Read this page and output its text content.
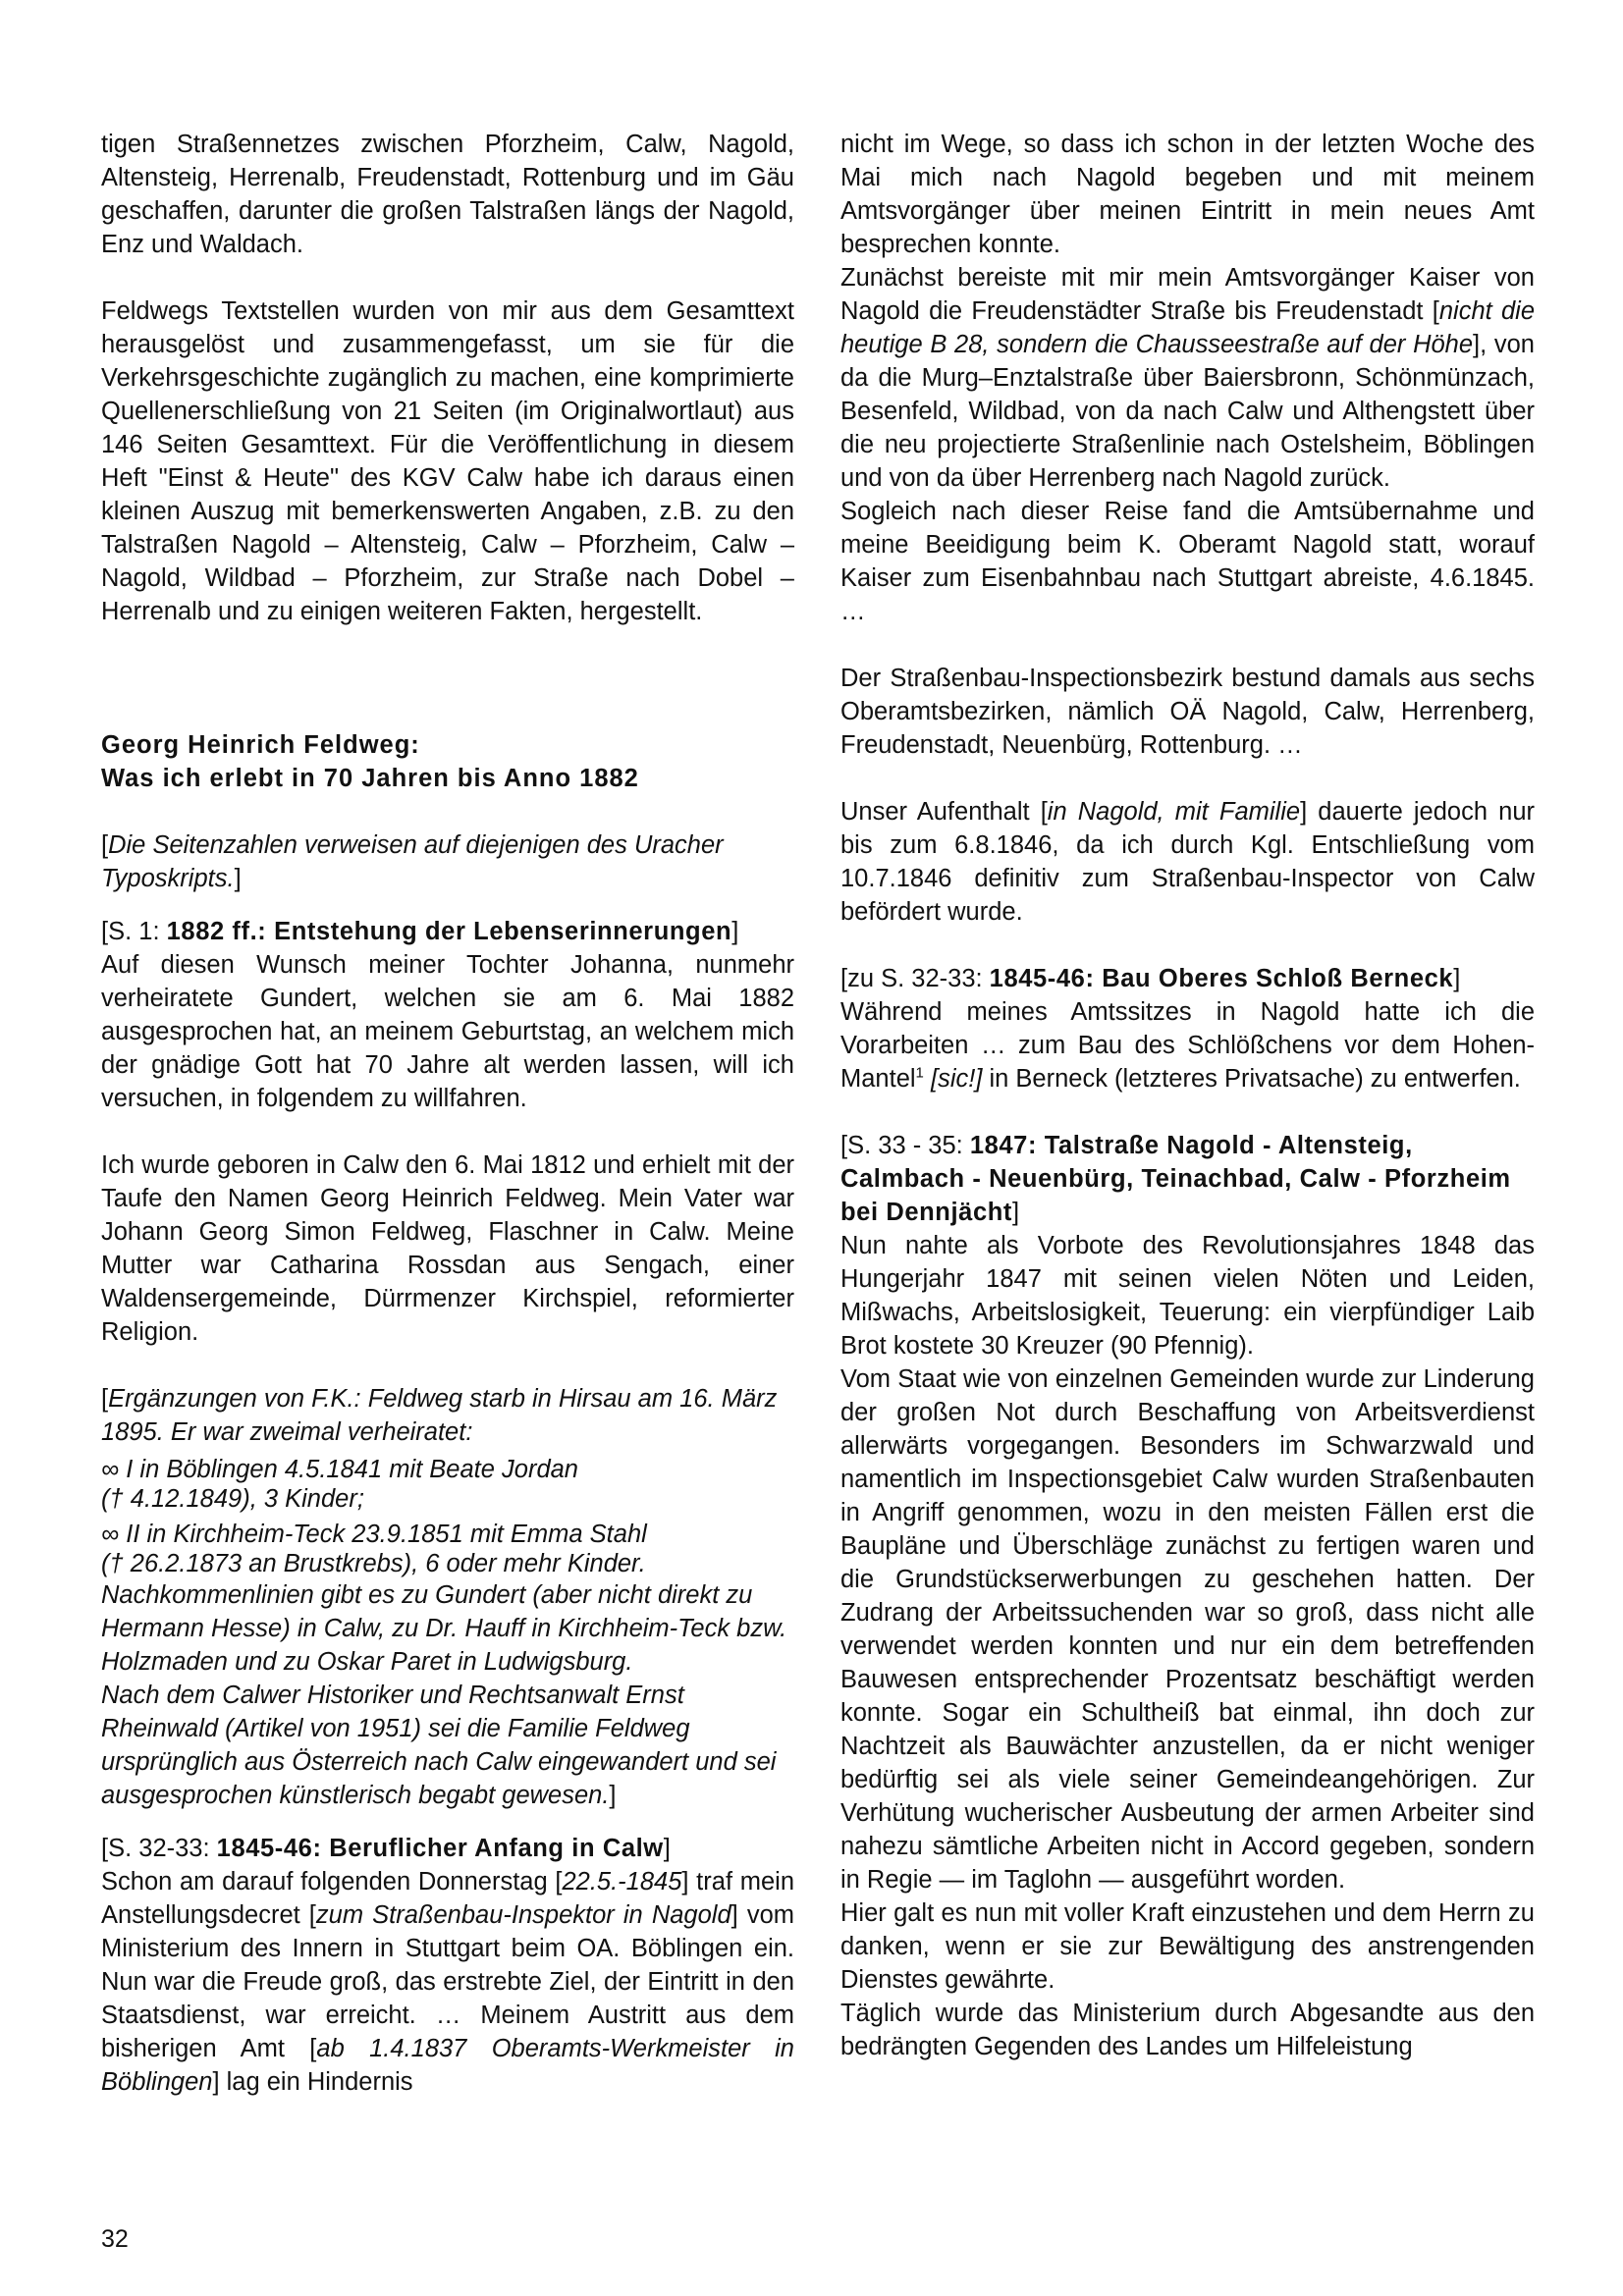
tigen Straßennetzes zwischen Pforzheim, Calw, Nagold, Altensteig, Herrenalb, Freudenstadt, Rottenburg und im Gäu geschaffen, darunter die großen Talstraßen längs der Nagold, Enz und Waldach.

Feldwegs Textstellen wurden von mir aus dem Gesamttext herausgelöst und zusammengefasst, um sie für die Verkehrsgeschichte zugänglich zu machen, eine komprimierte Quellenerschließung von 21 Seiten (im Originalwortlaut) aus 146 Seiten Gesamttext. Für die Veröffentlichung in diesem Heft "Einst & Heute" des KGV Calw habe ich daraus einen kleinen Auszug mit bemerkenswerten Angaben, z.B. zu den Talstraßen Nagold – Altensteig, Calw – Pforzheim, Calw – Nagold, Wildbad – Pforzheim, zur Straße nach Dobel – Herrenalb und zu einigen weiteren Fakten, hergestellt.

Georg Heinrich Feldweg:

Was ich erlebt in 70 Jahren bis Anno 1882

[Die Seitenzahlen verweisen auf diejenigen des Uracher Typoskripts.]

[S. 1: 1882 ff.: Entstehung der Lebenserinnerungen]

Auf diesen Wunsch meiner Tochter Johanna, nunmehr verheiratete Gundert, welchen sie am 6. Mai 1882 ausgesprochen hat, an meinem Geburtstag, an welchem mich der gnädige Gott hat 70 Jahre alt werden lassen, will ich versuchen, in folgendem zu willfahren.

Ich wurde geboren in Calw den 6. Mai 1812 und erhielt mit der Taufe den Namen Georg Heinrich Feldweg. Mein Vater war Johann Georg Simon Feldweg, Flaschner in Calw. Meine Mutter war Catharina Rossdan aus Sengach, einer Waldensergemeinde, Dürrmenzer Kirchspiel, reformierter Religion.

[Ergänzungen von F.K.: Feldweg starb in Hirsau am 16. März 1895. Er war zweimal verheiratet:

∞ I in Böblingen 4.5.1841 mit Beate Jordan
(† 4.12.1849), 3 Kinder;

∞ II in Kirchheim-Teck 23.9.1851 mit Emma Stahl
(† 26.2.1873 an Brustkrebs), 6 oder mehr Kinder.

Nachkommenlinien gibt es zu Gundert (aber nicht direkt zu Hermann Hesse) in Calw, zu Dr. Hauff in Kirchheim-Teck bzw. Holzmaden und zu Oskar Paret in Ludwigsburg.

Nach dem Calwer Historiker und Rechtsanwalt Ernst Rheinwald (Artikel von 1951) sei die Familie Feldweg ursprünglich aus Österreich nach Calw eingewandert und sei ausgesprochen künstlerisch begabt gewesen.]

[S. 32-33: 1845-46: Beruflicher Anfang in Calw]

Schon am darauf folgenden Donnerstag [22.5.-1845] traf mein Anstellungsdecret [zum Straßenbau-Inspektor in Nagold] vom Ministerium des Innern in Stuttgart beim OA. Böblingen ein. Nun war die Freude groß, das erstrebte Ziel, der Eintritt in den Staatsdienst, war erreicht. … Meinem Austritt aus dem bisherigen Amt [ab 1.4.1837 Oberamts-Werkmeister in Böblingen] lag ein Hindernis

nicht im Wege, so dass ich schon in der letzten Woche des Mai mich nach Nagold begeben und mit meinem Amtsvorgänger über meinen Eintritt in mein neues Amt besprechen konnte.

Zunächst bereiste mit mir mein Amtsvorgänger Kaiser von Nagold die Freudenstädter Straße bis Freudenstadt [nicht die heutige B 28, sondern die Chausseestraße auf der Höhe], von da die Murg–Enztalstraße über Baiersbronn, Schönmünzach, Besenfeld, Wildbad, von da nach Calw und Althengstett über die neu projectierte Straßenlinie nach Ostelsheim, Böblingen und von da über Herrenberg nach Nagold zurück.

Sogleich nach dieser Reise fand die Amtsübernahme und meine Beeidigung beim K. Oberamt Nagold statt, worauf Kaiser zum Eisenbahnbau nach Stuttgart abreiste, 4.6.1845. …

Der Straßenbau-Inspectionsbezirk bestund damals aus sechs Oberamtsbezirken, nämlich OÄ Nagold, Calw, Herrenberg, Freudenstadt, Neuenbürg, Rottenburg. …

Unser Aufenthalt [in Nagold, mit Familie] dauerte jedoch nur bis zum 6.8.1846, da ich durch Kgl. Entschließung vom 10.7.1846 definitiv zum Straßenbau-Inspector von Calw befördert wurde.

[zu S. 32-33: 1845-46: Bau Oberes Schloß Berneck]

Während meines Amtssitzes in Nagold hatte ich die Vorarbeiten … zum Bau des Schlößchens vor dem Hohen-Mantel$^1$ [sic!] in Berneck (letzteres Privatsache) zu entwerfen.

[S. 33 - 35: 1847: Talstraße Nagold - Altensteig, Calmbach - Neuenbürg, Teinachbad, Calw - Pforzheim bei Dennjächt]

Nun nahte als Vorbote des Revolutionsjahres 1848 das Hungerjahr 1847 mit seinen vielen Nöten und Leiden, Mißwachs, Arbeitslosigkeit, Teuerung: ein vierpfündiger Laib Brot kostete 30 Kreuzer (90 Pfennig).

Vom Staat wie von einzelnen Gemeinden wurde zur Linderung der großen Not durch Beschaffung von Arbeitsverdienst allerwärts vorgegangen. Besonders im Schwarzwald und namentlich im Inspectionsgebiet Calw wurden Straßenbauten in Angriff genommen, wozu in den meisten Fällen erst die Baupläne und Überschläge zunächst zu fertigen waren und die Grundstückserwerbungen zu geschehen hatten. Der Zudrang der Arbeitssuchenden war so groß, dass nicht alle verwendet werden konnten und nur ein dem betreffenden Bauwesen entsprechender Prozentsatz beschäftigt werden konnte. Sogar ein Schultheiß bat einmal, ihn doch zur Nachtzeit als Bauwächter anzustellen, da er nicht weniger bedürftig sei als viele seiner Gemeindeangehörigen. Zur Verhütung wucherischer Ausbeutung der armen Arbeiter sind nahezu sämtliche Arbeiten nicht in Accord gegeben, sondern in Regie — im Taglohn — ausgeführt worden.

Hier galt es nun mit voller Kraft einzustehen und dem Herrn zu danken, wenn er sie zur Bewältigung des anstrengenden Dienstes gewährte.

Täglich wurde das Ministerium durch Abgesandte aus den bedrängten Gegenden des Landes um Hilfeleistung

32
